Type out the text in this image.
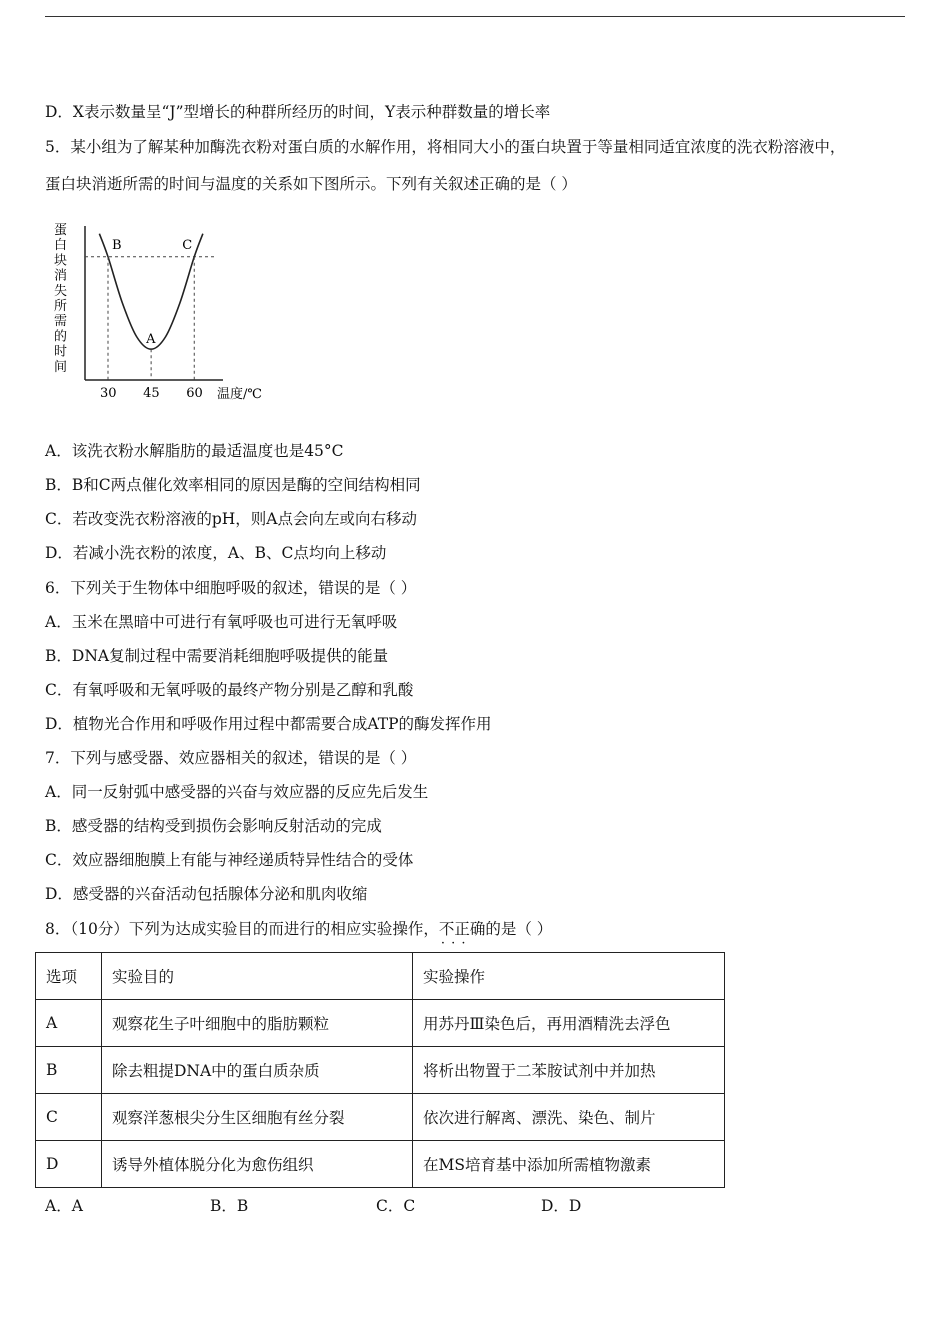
D．X表示数量呈“J”型增长的种群所经历的时间，Y表示种群数量的增长率
5．某小组为了解某种加酶洗衣粉对蛋白质的水解作用，将相同大小的蛋白块置于等量相同适宜浓度的洗衣粉溶液中，
蛋白块消逝所需的时间与温度的关系如下图所示。下列有关叙述正确的是（ ）
蛋白块消失所需的时间
B
30
A
45
C
60 温度/℃
A．该洗衣粉水解脂肪的最适温度也是45°C
B．B和C两点催化效率相同的原因是酶的空间结构相同
C．若改变洗衣粉溶液的pH，则A点会向左或向右移动
D．若减小洗衣粉的浓度，A、B、C点均向上移动
6．下列关于生物体中细胞呼吸的叙述，错误的是（ ）
A．玉米在黑暗中可进行有氧呼吸也可进行无氧呼吸
B．DNA复制过程中需要消耗细胞呼吸提供的能量
C．有氧呼吸和无氧呼吸的最终产物分别是乙醇和乳酸
D．植物光合作用和呼吸作用过程中都需要合成ATP的酶发挥作用
7．下列与感受器、效应器相关的叙述，错误的是（ ）
A．同一反射弧中感受器的兴奋与效应器的反应先后发生
B．感受器的结构受到损伤会影响反射活动的完成
C．效应器细胞膜上有能与神经递质特异性结合的受体
D．感受器的兴奋活动包括腺体分泌和肌肉收缩
8．（10分）下列为达成实验目的而进行的相应实验操作，不正确 · · ·的是（ ）
选项	实验目的	实验操作
A	观察花生子叶细胞中的脂肪颗粒	用苏丹Ⅲ染色后，再用酒精洗去浮色
B	除去粗提DNA中的蛋白质杂质	将析出物置于二苯胺试剂中并加热
C	观察洋葱根尖分生区细胞有丝分裂	依次进行解离、漂洗、染色、制片
D	诱导外植体脱分化为愈伤组织	在MS培育基中添加所需植物激素
A．A	B．B	C．C	D．D
